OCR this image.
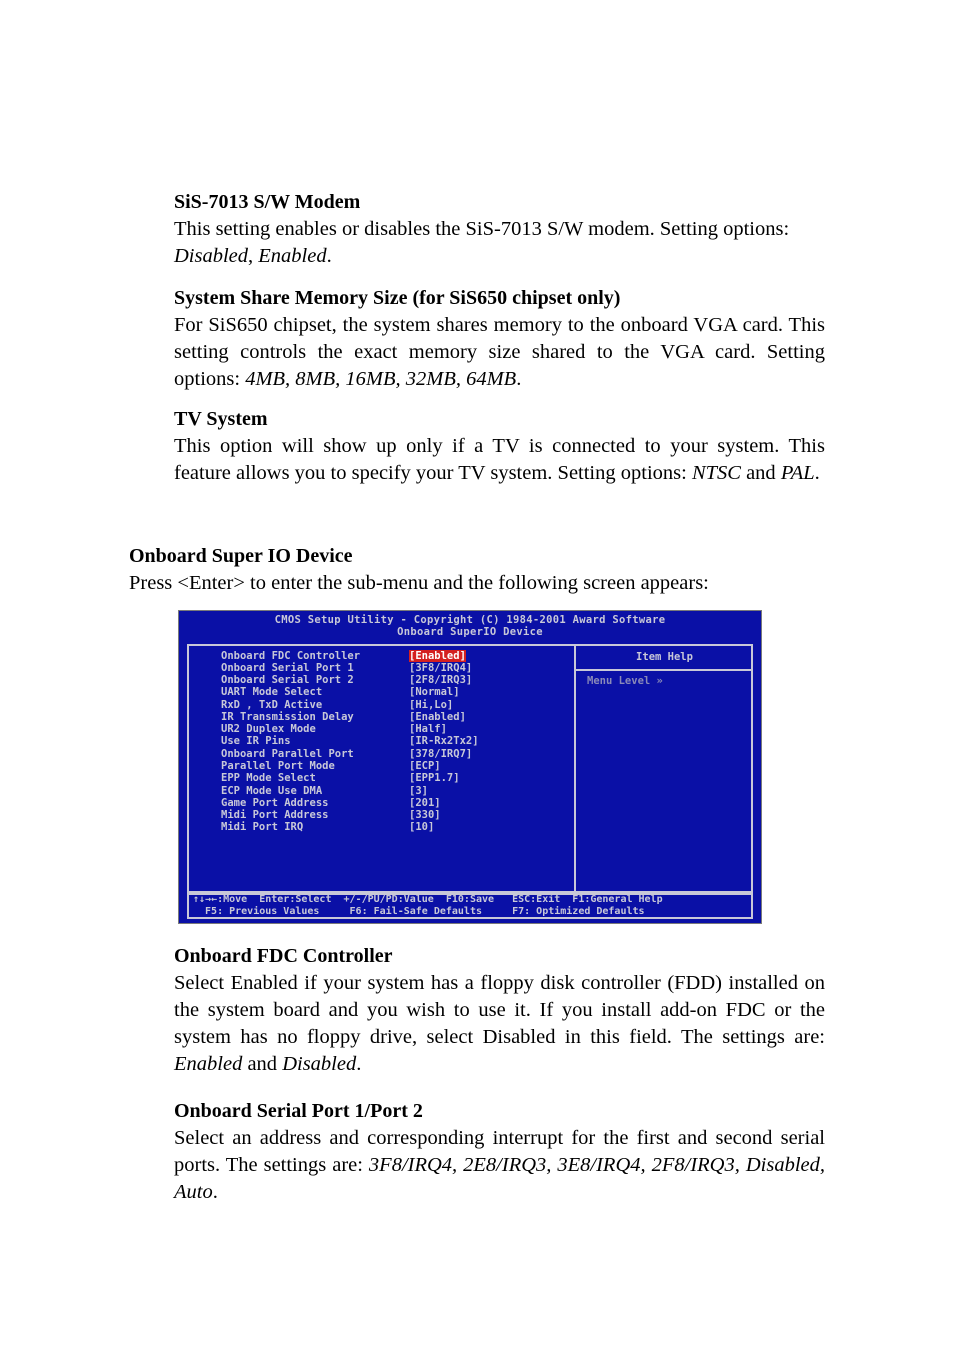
SiS-7013 S/W Modem
This setting enables or disables the SiS-7013 S/W modem. Setting options:
Disabled, Enabled.
System Share Memory Size (for SiS650 chipset only)
For SiS650 chipset, the system shares memory to the onboard VGA card. This setting controls the exact memory size shared to the VGA card. Setting options: 4MB, 8MB, 16MB, 32MB, 64MB.
TV System
This option will show up only if a TV is connected to your system. This feature allows you to specify your TV system. Setting options: NTSC and PAL.
Onboard Super IO Device
Press <Enter> to enter the sub-menu and the following screen appears:
CMOS Setup Utility - Copyright (C) 1984-2001 Award Software
Onboard SuperIO Device
Item Help
Menu Level »
Onboard FDC Controller	[Enabled]
Onboard Serial Port 1	[3F8/IRQ4]
Onboard Serial Port 2	[2F8/IRQ3]
UART Mode Select	[Normal]
RxD , TxD Active	[Hi,Lo]
IR Transmission Delay	[Enabled]
UR2 Duplex Mode	[Half]
Use IR Pins	[IR-Rx2Tx2]
Onboard Parallel Port	[378/IRQ7]
Parallel Port Mode	[ECP]
EPP Mode Select	[EPP1.7]
ECP Mode Use DMA	[3]
Game Port Address	[201]
Midi Port Address	[330]
Midi Port IRQ	[10]
↑↓→←:Move  Enter:Select  +/-/PU/PD:Value  F10:Save   ESC:Exit  F1:General Help
F5: Previous Values     F6: Fail-Safe Defaults     F7: Optimized Defaults
Onboard FDC Controller
Select Enabled if your system has a floppy disk controller (FDD) installed on the system board and you wish to use it. If you install add-on FDC or the system has no floppy drive, select Disabled in this field. The settings are: Enabled and Disabled.
Onboard Serial Port 1/Port 2
Select an address and corresponding interrupt for the first and second serial ports. The settings are: 3F8/IRQ4, 2E8/IRQ3, 3E8/IRQ4, 2F8/IRQ3, Disabled, Auto.
